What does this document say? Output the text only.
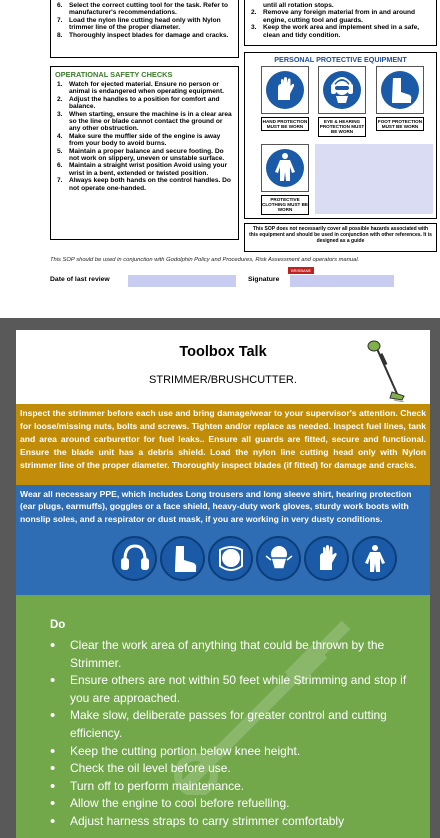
6. Select the correct cutting tool for the task. Refer to manufacturer's recommendations.
7. Load the nylon line cutting head only with Nylon trimmer line of the proper diameter.
8. Thoroughly inspect blades for damage and cracks.
until all rotation stops.
2. Remove any foreign material from in and around engine, cutting tool and guards.
3. Keep the work area and implement shed in a safe, clean and tidy condition.
OPERATIONAL SAFETY CHECKS
1. Watch for ejected material. Ensure no person or animal is endangered when operating equipment.
2. Adjust the handles to a position for comfort and balance.
3. When starting, ensure the machine is in a clear area so the line or blade cannot contact the ground or any other obstruction.
4. Make sure the muffler side of the engine is away from your body to avoid burns.
5. Maintain a proper balance and secure footing. Do not work on slippery, uneven or unstable surface.
6. Maintain a straight wrist position Avoid using your wrist in a bent, extended or twisted position.
7. Always keep both hands on the control handles. Do not operate one-handed.
PERSONAL PROTECTIVE EQUIPMENT
HAND PROTECTION MUST BE WORN
EYE & HEARING PROTECTION MUST BE WORN
FOOT PROTECTION MUST BE WORN
PROTECTIVE CLOTHING MUST BE WORN
This SOP does not necessarily cover all possible hazards associated with this equipment and should be used in conjunction with other references. It is designed as a guide
This SOP should be used in conjunction with Godolphin Policy and Procedures, Risk Assessment and operators manual.
BRISBANE
Date of last review	Signature
Toolbox Talk
STRIMMER/BRUSHCUTTER.
Inspect the strimmer before each use and bring damage/wear to your supervisor's attention. Check for loose/missing nuts, bolts and screws. Tighten and/or replace as needed. Inspect fuel lines, tank and area around carburettor for fuel leaks.. Ensure all guards are fitted, secure and functional. Ensure the blade unit has a debris shield. Load the nylon line cutting head only with Nylon strimmer line of the proper diameter. Thoroughly inspect blades (if fitted) for damage and cracks.
Wear all necessary PPE, which includes Long trousers and long sleeve shirt, hearing protection (ear plugs, earmuffs), goggles or a face shield, heavy-duty work gloves, sturdy work boots with nonslip soles, and a respirator or dust mask, if you are working in very dusty conditions.
Do
• Clear the work area of anything that could be thrown by the Strimmer.
• Ensure others are not within 50 feet while Strimming and stop if you are approached.
• Make slow, deliberate passes for greater control and cutting efficiency.
• Keep the cutting portion below knee height.
• Check the oil level before use.
• Turn off to perform maintenance.
• Allow the engine to cool before refuelling.
• Adjust harness straps to carry strimmer comfortably
